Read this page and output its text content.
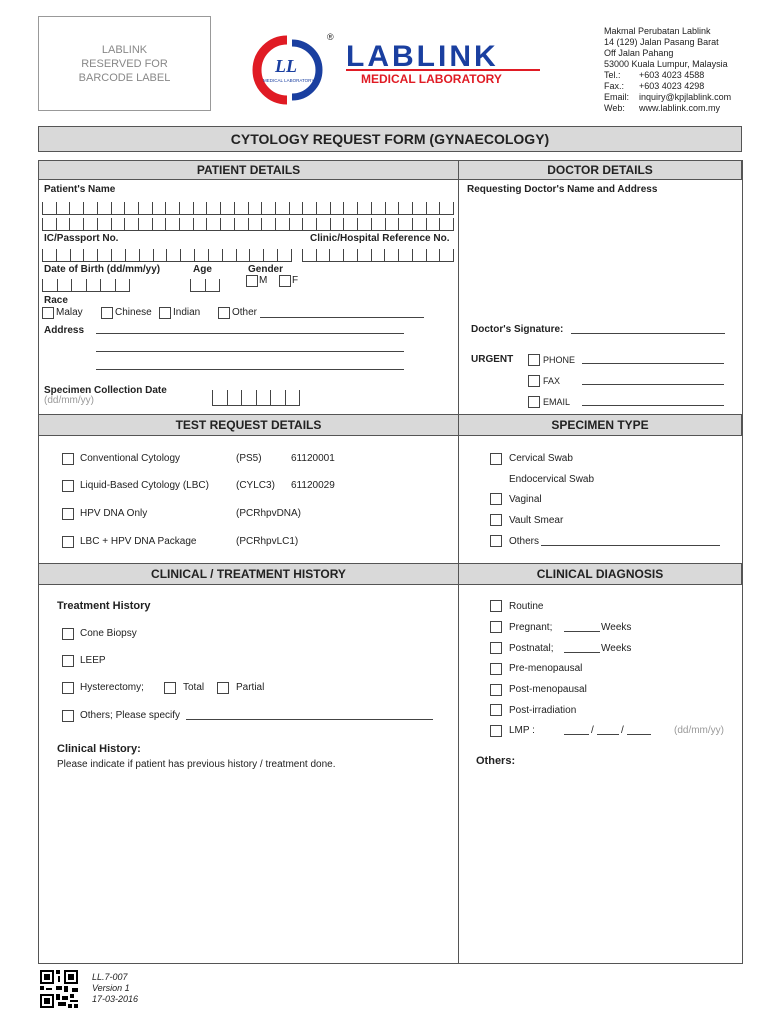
LABLINK
RESERVED FOR
BARCODE LABEL
LL
MEDICAL LABORATORY
®
LABLINK
MEDICAL LABORATORY
Makmal Perubatan Lablink
14 (129) Jalan Pasang Barat
Off Jalan Pahang
53000 Kuala Lumpur, Malaysia
Tel.: +603 4023 4588
Fax.: +603 4023 4298
Email: inquiry@kpjlablink.com
Web: www.lablink.com.my
CYTOLOGY REQUEST FORM (GYNAECOLOGY)
PATIENT DETAILS	DOCTOR DETAILS
Patient's Name
IC/Passport No.	Clinic/Hospital Reference No.
Date of Birth (dd/mm/yy)	Age	Gender
M F
Race
Malay	Chinese Indian	Other
Address
Specimen Collection Date
(dd/mm/yy)
Requesting Doctor's Name and Address
Doctor's Signature:
URGENT	PHONE
FAX
EMAIL
TEST REQUEST DETAILS	SPECIMEN TYPE
Conventional Cytology	(PS5)	61120001
Liquid-Based Cytology (LBC)	(CYLC3) 61120029
HPV DNA Only	(PCRhpvDNA)
LBC + HPV DNA Package	(PCRhpvLC1)
Cervical Swab
Endocervical Swab
Vaginal
Vault Smear
Others
CLINICAL / TREATMENT HISTORY	CLINICAL DIAGNOSIS
Treatment History
Cone Biopsy
LEEP
Hysterectomy;	Total	Partial
Others; Please specify
Clinical History:
Please indicate if patient has previous history / treatment done.
Routine
Pregnant;	Weeks
Postnatal;	Weeks
Pre-menopausal
Post-menopausal
Post-irradiation
LMP :	/	/	(dd/mm/yy)
Others:
LL.7-007
Version 1
17-03-2016
